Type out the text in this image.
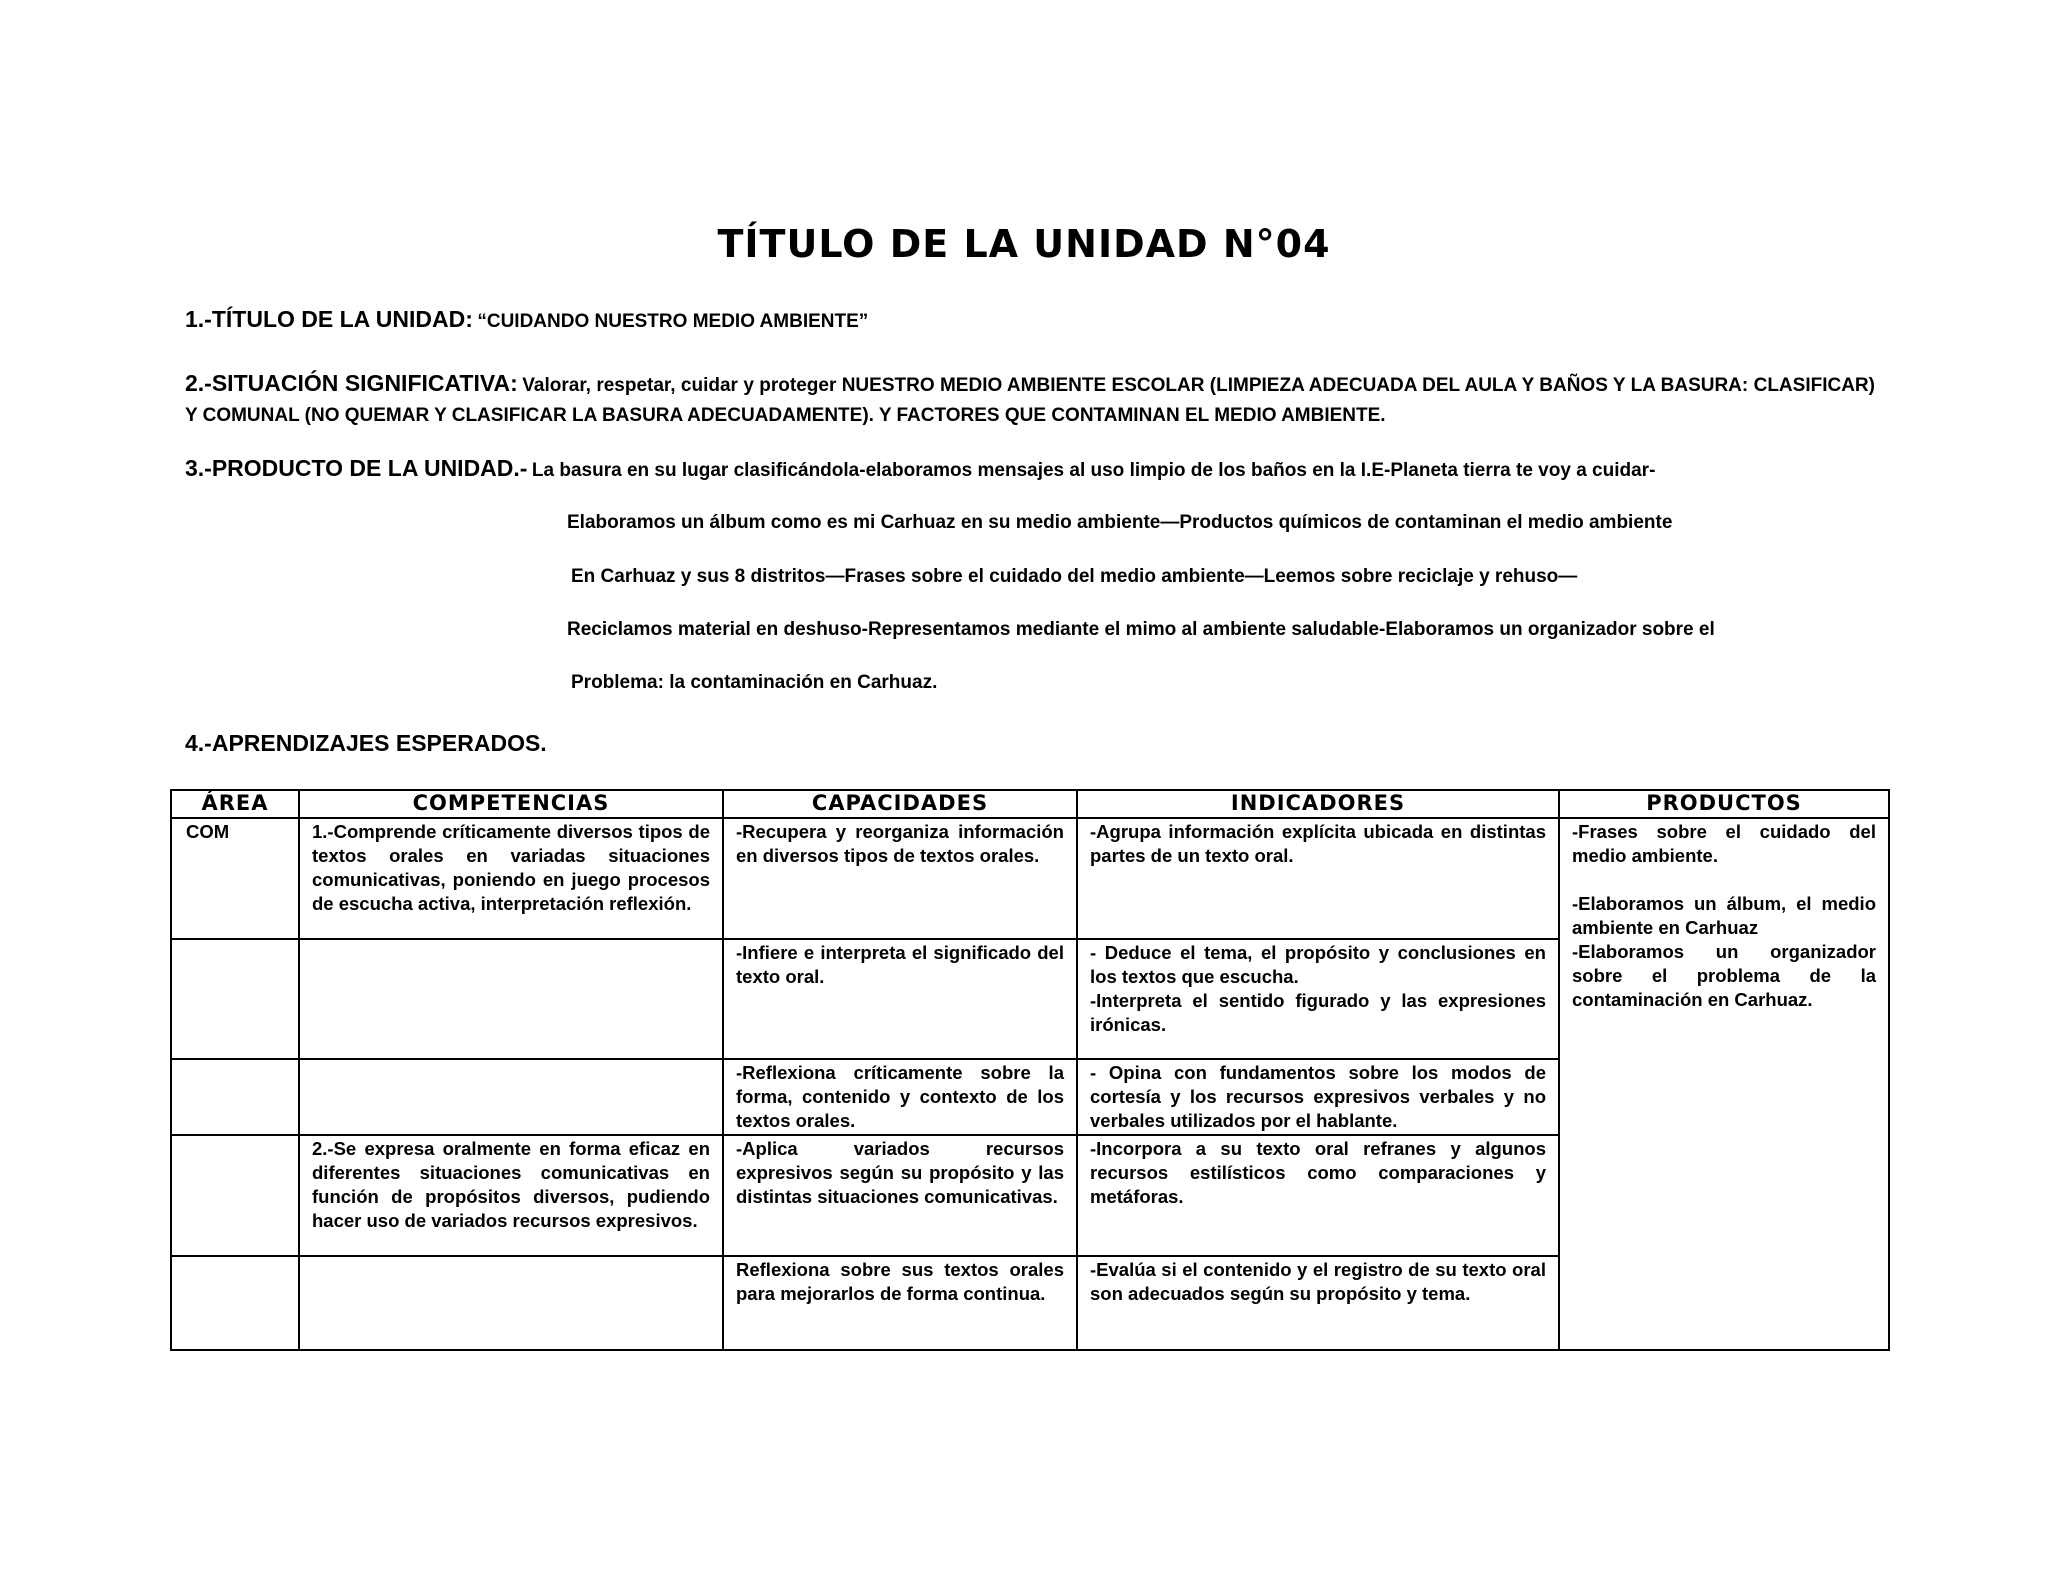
TÍTULO DE LA UNIDAD N°04
1.-TÍTULO DE LA UNIDAD: “CUIDANDO NUESTRO MEDIO AMBIENTE”
2.-SITUACIÓN SIGNIFICATIVA: Valorar, respetar, cuidar y proteger NUESTRO MEDIO AMBIENTE ESCOLAR (LIMPIEZA ADECUADA DEL AULA Y BAÑOS Y LA BASURA: CLASIFICAR) Y COMUNAL (NO QUEMAR Y CLASIFICAR LA BASURA ADECUADAMENTE). Y FACTORES QUE CONTAMINAN EL MEDIO AMBIENTE.
3.-PRODUCTO DE LA UNIDAD.- La basura en su lugar clasificándola-elaboramos mensajes al uso limpio de los baños en la I.E-Planeta tierra te voy a cuidar-
Elaboramos un álbum como es mi Carhuaz en su medio ambiente—Productos químicos de contaminan el medio ambiente
En Carhuaz y sus 8 distritos—Frases sobre el cuidado del medio ambiente—Leemos sobre reciclaje y rehuso—
Reciclamos material en deshuso-Representamos mediante el mimo al ambiente saludable-Elaboramos un organizador sobre el
Problema: la contaminación en Carhuaz.
4.-APRENDIZAJES ESPERADOS.
ÁREA	COMPETENCIAS	CAPACIDADES	INDICADORES	PRODUCTOS
COM	1.-Comprende críticamente diversos tipos de textos orales en variadas situaciones comunicativas, poniendo en juego procesos de escucha activa, interpretación reflexión.	-Recupera y reorganiza información en diversos tipos de textos orales.	-Agrupa información explícita ubicada en distintas partes de un texto oral.	-Frases sobre el cuidado del medio ambiente.

-Elaboramos un álbum, el medio ambiente en Carhuaz

-Elaboramos un organizador sobre el problema de la contaminación en Carhuaz.

		-Infiere e interpreta el significado del texto oral.	- Deduce el tema, el propósito y conclusiones en los textos que escucha.

-Interpreta el sentido figurado y las expresiones irónicas.	

		-Reflexiona críticamente sobre la forma, contenido y contexto de los textos orales.	- Opina con fundamentos sobre los modos de cortesía y los recursos expresivos verbales y no verbales utilizados por el hablante.	

	2.-Se expresa oralmente en forma eficaz en diferentes situaciones comunicativas en función de propósitos diversos, pudiendo hacer uso de variados recursos expresivos.	-Aplica variados recursos expresivos según su propósito y las distintas situaciones comunicativas.	-Incorpora a su texto oral refranes y algunos recursos estilísticos como comparaciones y metáforas.	

		Reflexiona sobre sus textos orales para mejorarlos de forma continua.	-Evalúa si el contenido y el registro de su texto oral son adecuados según su propósito y tema.	
